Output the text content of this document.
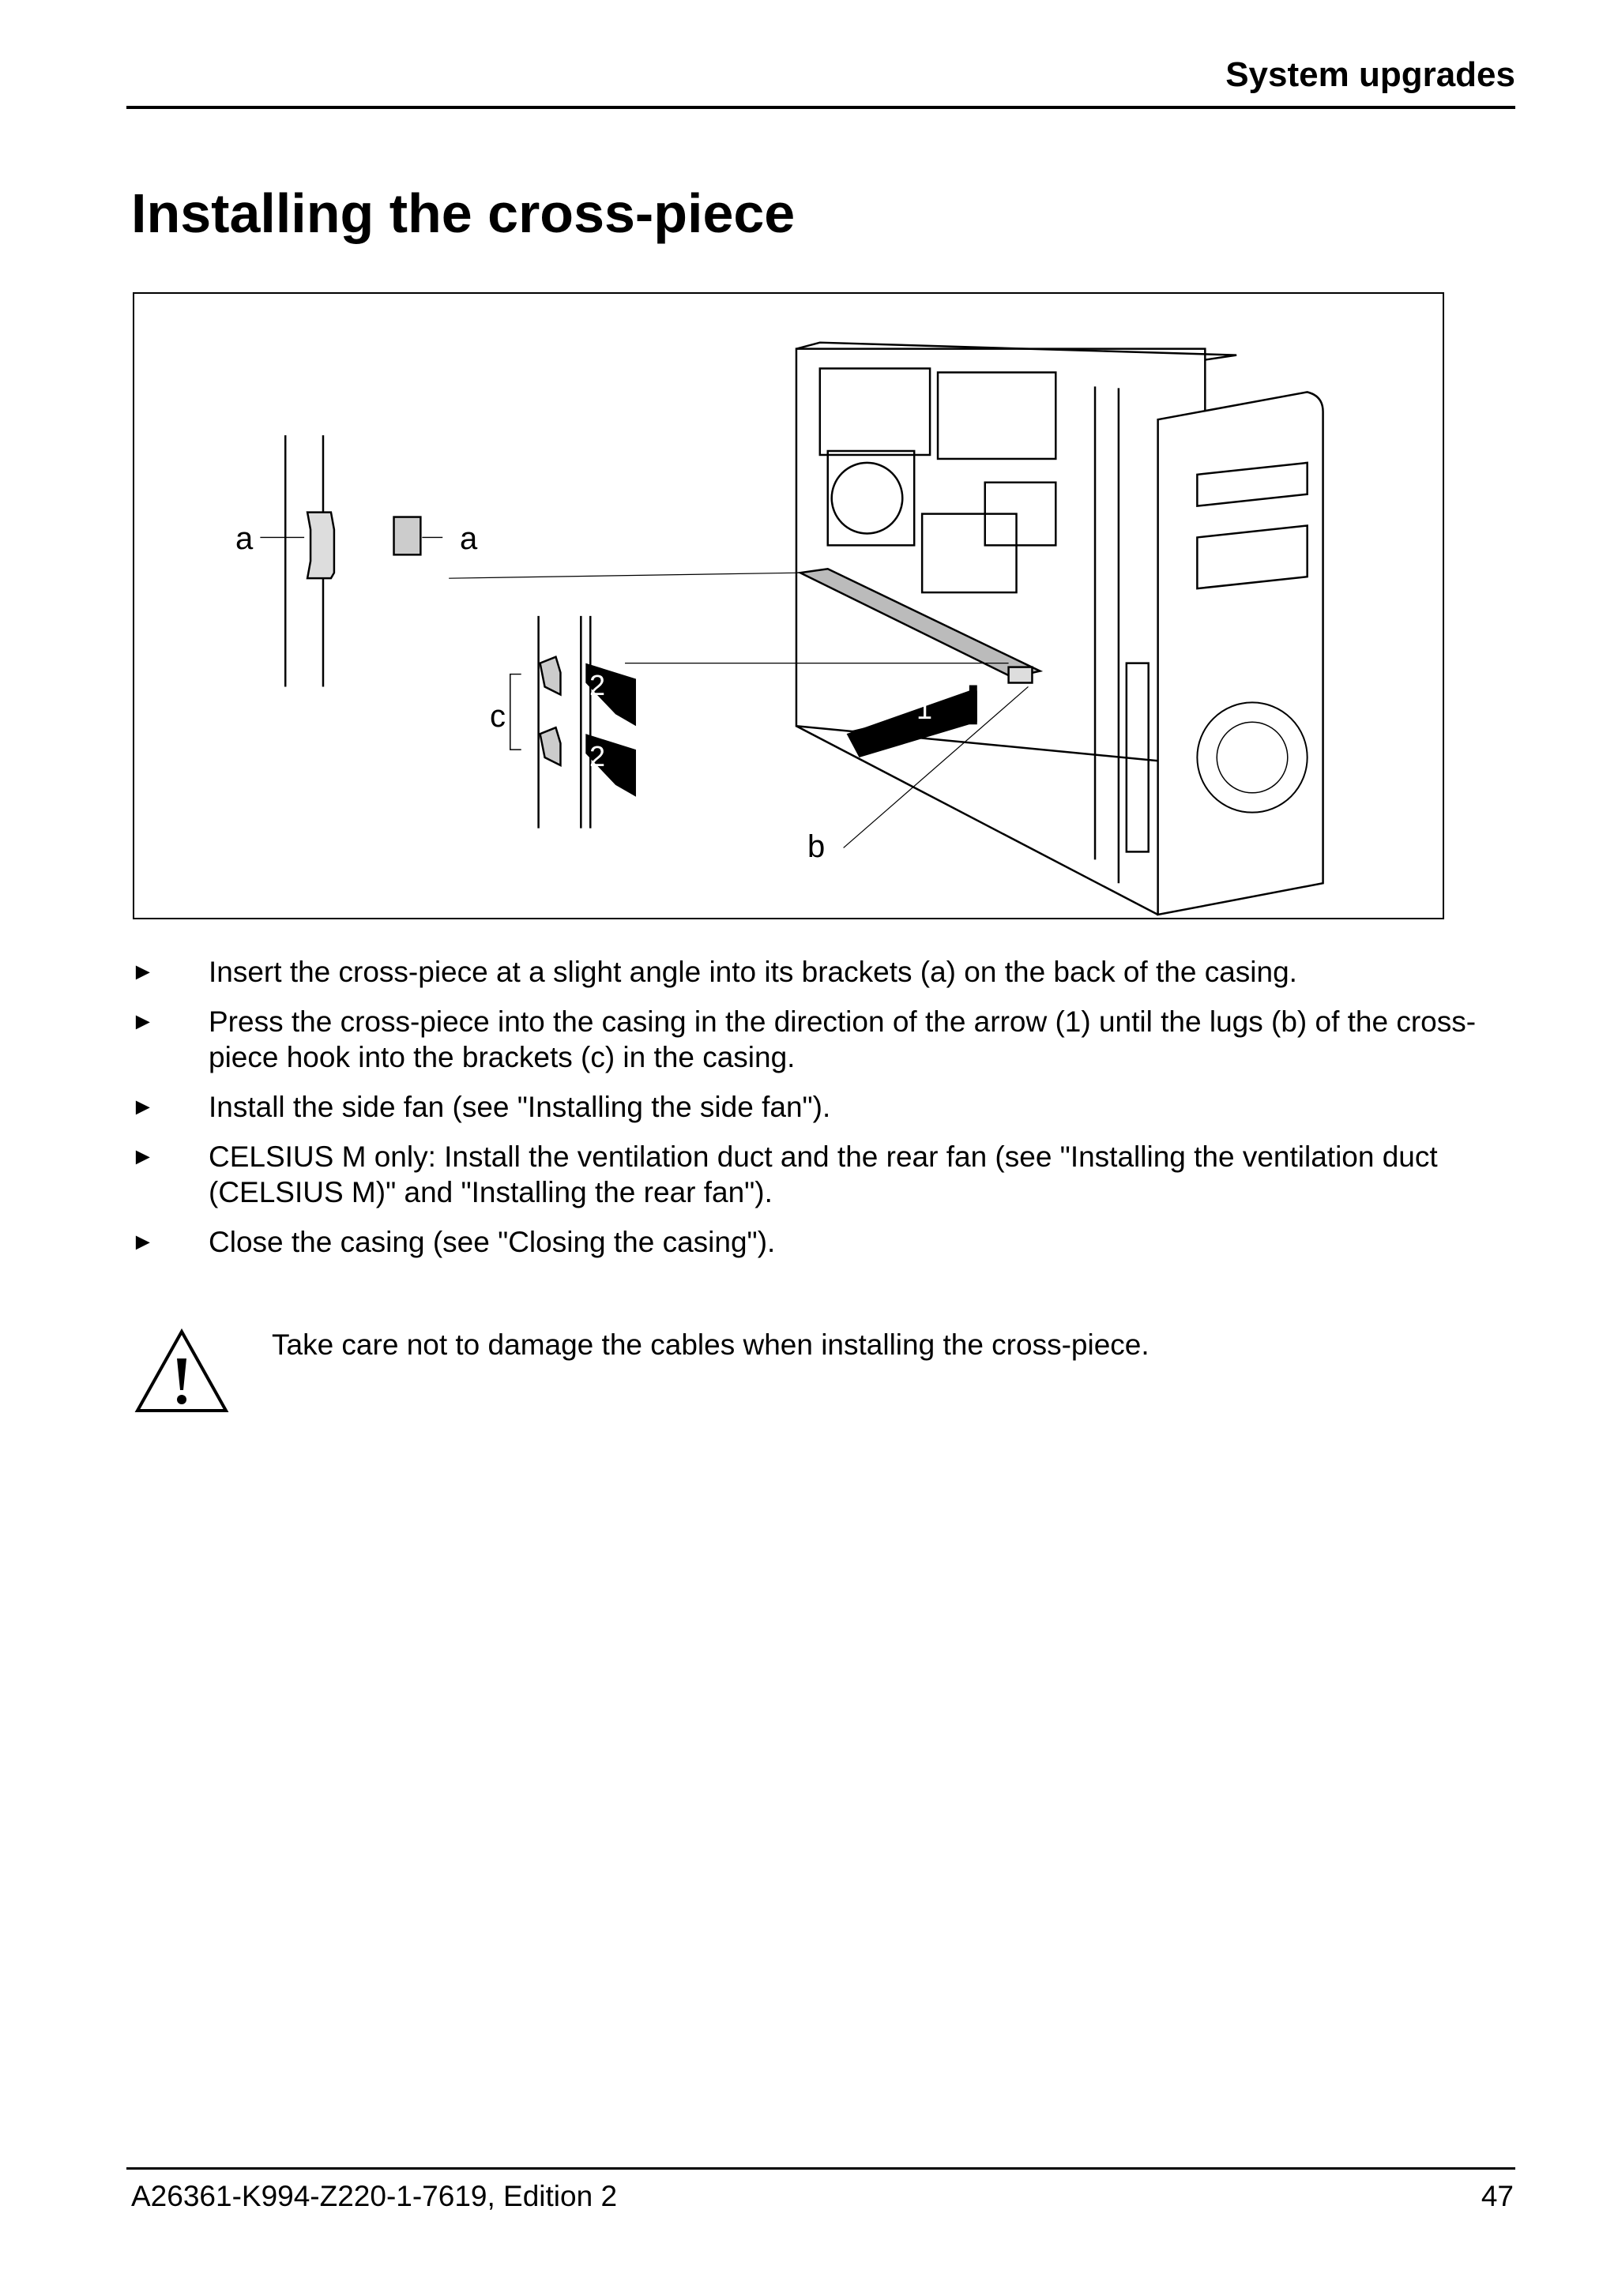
System upgrades
Installing the cross-piece
a	a
c
b
1
2
2
► Insert the cross-piece at a slight angle into its brackets (a) on the back of the casing.
► Press the cross-piece into the casing in the direction of the arrow (1) until the lugs (b) of the cross-piece hook into the brackets (c) in the casing.
► Install the side fan (see "Installing the side fan").
► CELSIUS M only: Install the ventilation duct and the rear fan (see "Installing the ventilation duct (CELSIUS M)" and "Installing the rear fan").
► Close the casing (see "Closing the casing").
Take care not to damage the cables when installing the cross-piece.
A26361-K994-Z220-1-7619, Edition 2	47
